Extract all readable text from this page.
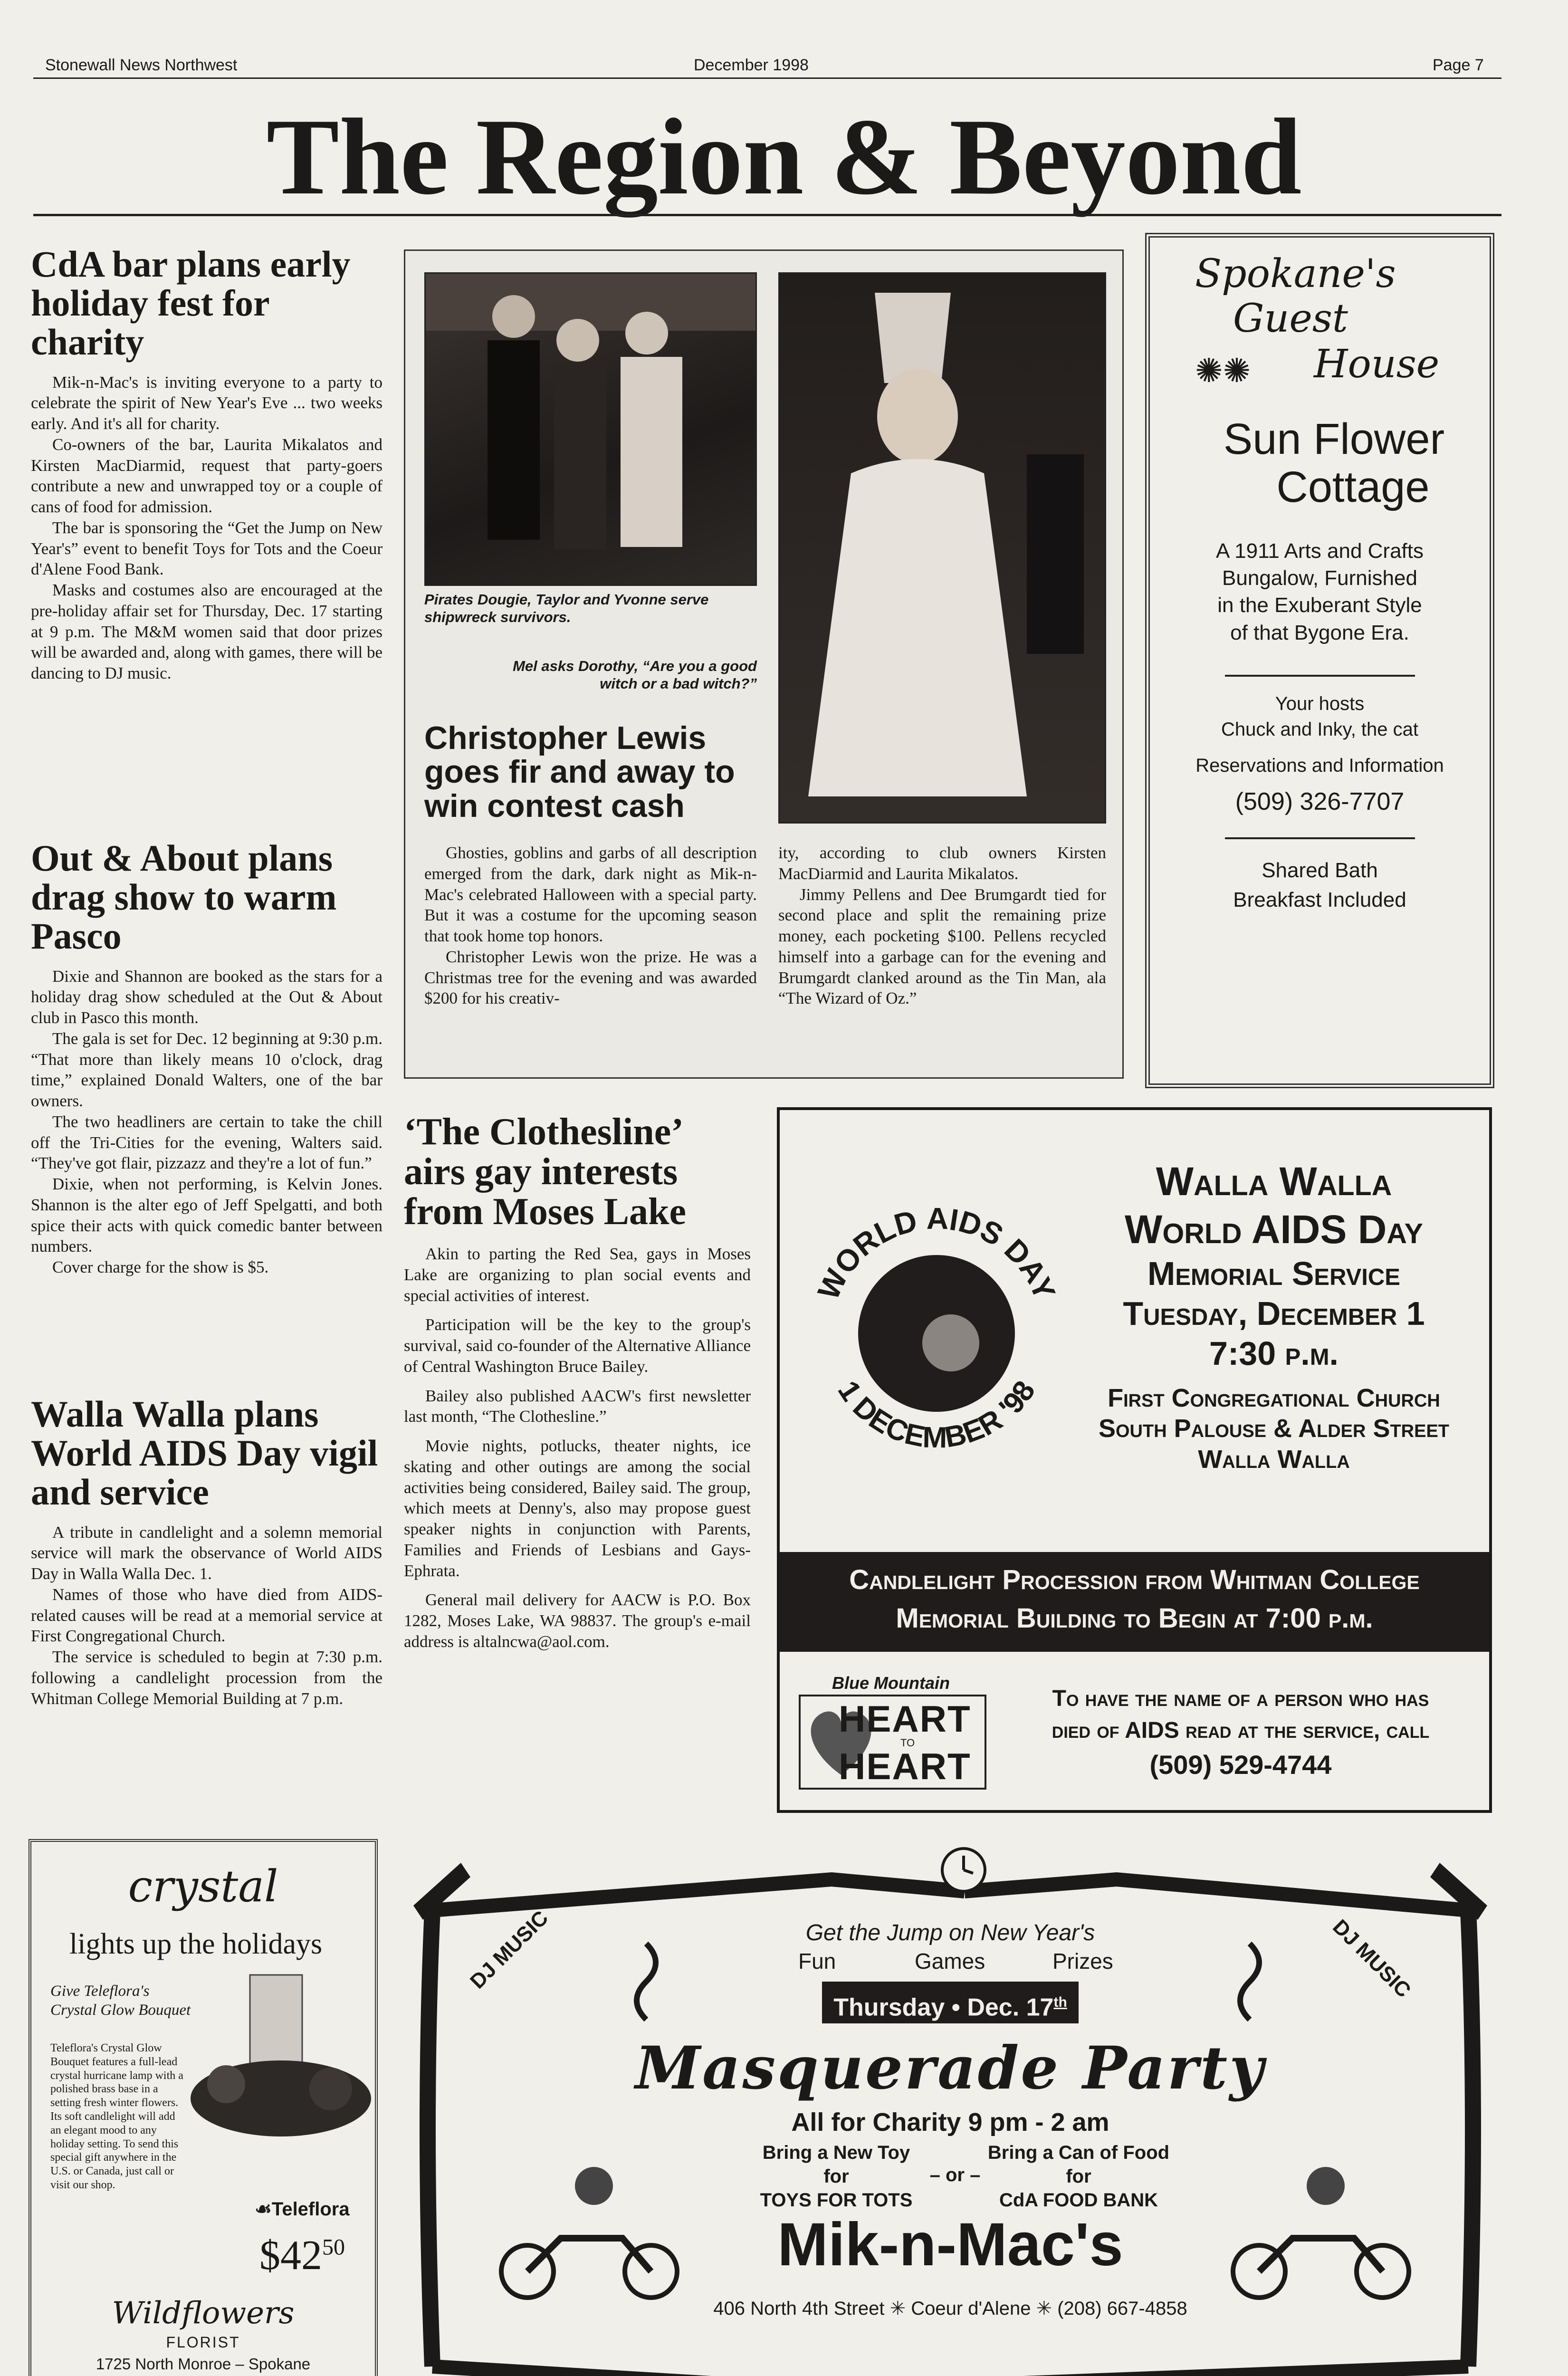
Stonewall News Northwest	December 1998	Page 7
The Region & Beyond
CdA bar plans early holiday fest for charity

Mik-n-Mac's is inviting everyone to a party to celebrate the spirit of New Year's Eve ... two weeks early. And it's all for charity.

Co-owners of the bar, Laurita Mikalatos and Kirsten MacDiarmid, request that party-goers contribute a new and unwrapped toy or a couple of cans of food for admission.

The bar is sponsoring the “Get the Jump on New Year's” event to benefit Toys for Tots and the Coeur d'Alene Food Bank.

Masks and costumes also are encouraged at the pre-holiday affair set for Thursday, Dec. 17 starting at 9 p.m. The M&M women said that door prizes will be awarded and, along with games, there will be dancing to DJ music.

Out & About plans drag show to warm Pasco

Dixie and Shannon are booked as the stars for a holiday drag show scheduled at the Out & About club in Pasco this month.

The gala is set for Dec. 12 beginning at 9:30 p.m. “That more than likely means 10 o'clock, drag time,” explained Donald Walters, one of the bar owners.

The two headliners are certain to take the chill off the Tri-Cities for the evening, Walters said. “They've got flair, pizzazz and they're a lot of fun.”

Dixie, when not performing, is Kelvin Jones. Shannon is the alter ego of Jeff Spelgatti, and both spice their acts with quick comedic banter between numbers.

Cover charge for the show is $5.

Walla Walla plans World AIDS Day vigil and service

A tribute in candlelight and a solemn memorial service will mark the observance of World AIDS Day in Walla Walla Dec. 1.

Names of those who have died from AIDS-related causes will be read at a memorial service at First Congregational Church.

The service is scheduled to begin at 7:30 p.m. following a candlelight procession from the Whitman College Memorial Building at 7 p.m.

Pirates Dougie, Taylor and Yvonne serve shipwreck survivors.
Mel asks Dorothy, “Are you a good witch or a bad witch?”
Christopher Lewis goes fir and away to win contest cash

Ghosties, goblins and garbs of all description emerged from the dark, dark night as Mik-n-Mac's celebrated Halloween with a special party. But it was a costume for the upcoming season that took home top honors.

Christopher Lewis won the prize. He was a Christmas tree for the evening and was awarded $200 for his creativ-

ity, according to club owners Kirsten MacDiarmid and Laurita Mikalatos.

Jimmy Pellens and Dee Brumgardt tied for second place and split the remaining prize money, each pocketing $100. Pellens recycled himself into a garbage can for the evening and Brumgardt clanked around as the Tin Man, ala “The Wizard of Oz.”

‘The Clothesline’ airs gay interests from Moses Lake

Akin to parting the Red Sea, gays in Moses Lake are organizing to plan social events and special activities of interest.

Participation will be the key to the group's survival, said co-founder of the Alternative Alliance of Central Washington Bruce Bailey.

Bailey also published AACW's first newsletter last month, “The Clothesline.”

Movie nights, potlucks, theater nights, ice skating and other outings are among the social activities being considered, Bailey said. The group, which meets at Denny's, also may propose guest speaker nights in conjunction with Parents, Families and Friends of Lesbians and Gays-Ephrata.

General mail delivery for AACW is P.O. Box 1282, Moses Lake, WA 98837. The group's e-mail address is altalncwa@aol.com.

Spokane's
Guest
✺✺ House
Sun Flower
Cottage
A 1911 Arts and Crafts
Bungalow, Furnished
in the Exuberant Style
of that Bygone Era.
Your hosts
Chuck and Inky, the cat
Reservations and Information
(509) 326-7707
Shared Bath
Breakfast Included
WORLD AIDS DAY
1 DECEMBER '98
Walla Walla
World AIDS Day
Memorial Service
Tuesday, December 1
7:30 p.m.
First Congregational Church
South Palouse & Alder Street
Walla Walla
Candlelight Procession from Whitman College
Memorial Building to Begin at 7:00 p.m.
Blue Mountain
HEART
TO
HEART
To have the name of a person who has
died of AIDS read at the service, call
(509) 529-4744
crystal
lights up the holidays
Give Teleflora's
Crystal Glow Bouquet
Teleflora's Crystal Glow Bouquet features a full-lead crystal hurricane lamp with a polished brass base in a setting fresh winter flowers. Its soft candlelight will add an elegant mood to any holiday setting. To send this special gift anywhere in the U.S. or Canada, just call or visit our shop.
☙Teleflora
$\$42^{50}$
Wildflowers
FLORIST
1725 North Monroe – Spokane
DJ MUSIC	DJ MUSIC
Get the Jump on New Year's
Fun	Games	Prizes
Thursday • Dec. 17th
Masquerade Party
All for Charity 9 pm - 2 am
Bring a New Toy
for
TOYS FOR TOTS
– or –
Bring a Can of Food
for
CdA FOOD BANK
Mik-n-Mac's
406 North 4th Street ✳ Coeur d'Alene ✳ (208) 667-4858
